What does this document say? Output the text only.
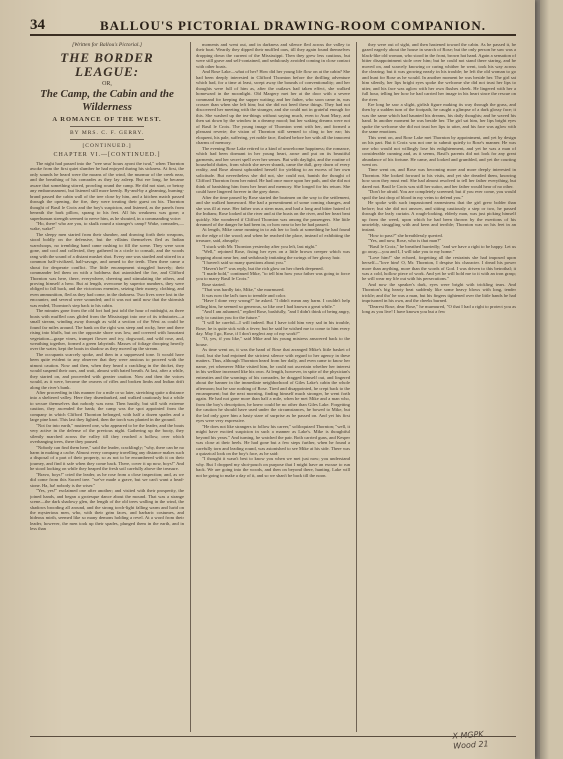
34	BALLOU'S PICTORIAL DRAWING-ROOM COMPANION.
[Written for Ballou's Pictorial.]
THE BORDER LEAGUE:
OR,
The Camp, the Cabin and the Wilderness
A ROMANCE OF THE WEST.
BY MRS. C. F. GERRY.
[CONTINUED.]
CHAPTER VI.—[CONTINUED.]

The night had passed into the "wee sma' hours ayont the twal," when Thornton awoke from the first quiet slumber he had enjoyed during his sickness. At first, the only sounds he heard were the moans of the wind, the murmur of the creek near, and the breathing of his comrades as they lay asleep. But ere long, he became aware that something stirred, prowling round the camp. He did not start, or betray any embarrassment, but listened still more keenly. By-and-by a gleaming, burning-brand passed the cabin wall of the tree close by him, and a kitchen match passed through the opening, the fire, they were treating their guest on bis. Thornton thought of Basil le Croix and the boy's suspicion, and listened, as the panels from beneath the bark pillow, sprang to his feet. All his weakness was gone; a superhuman strength seemed to nerve him, as he shouted, in a commanding voice:

"Ho, there! who are you, to skulk round a stranger's camp? Wake, comrades,—wake, wake!"

The sleepy men started from their slumber, and drawing forth their weapons, stood boldly on the defensive, but the villains themselves fled as Indian warwhoops, no trembling band came rushing to fill the scene. They were soon gone, and cool and collected, they gathered in a circle to consult, and the woods rang with the sound of a distant musket shot. Every one was startled and stirred in a common half-civilized, half-savage, and armed to the teeth. Then there came a shout for desperate conflict. The little encampment struggled bravely; their commander led them on with a boldness that astonished the foe, and Clifford Thornton was here, there, everywhere, cheering and stimulating the others, and proving himself a hero. But at length, overcome by superior numbers, they were obliged to fall back, and the victorious enemies, seizing their money, clothing, and even ammunition, fled as they had come, in the darkness. Two lives were lost in the encounter, and several were wounded; and it was not until now that the skirmish was ended, Thornton's step back to his cabin.

The minutes gone from the old fort had just told the hour of midnight, as three boats with muffled oars glided from the Mississippi into one of its tributaries—a small stream, winding away through as wild a section of the West as could be found far miles around. The bank on the right was steep and rocky, here and there rising into bluffs, but on the opposite shore was low, and covered with luxuriant vegetation—grape vines, trumpet flower and ivy, dogwood, and wild rose, and, wreathing together, formed a green labyrinth. Masses of foliage drooping heavily over the water, kept the boats in shadow as they moved up the stream.

The occupants scarcely spoke, and then in a suppressed tone. It would have been quite evident to any observer that they were anxious to proceed with the utmost caution. Now and then, when they heard a crackling in the thicket, they would suspend their oars, and wait, almost with bated breath. At last, after a while, they started on, and proceeded with greater caution. Now and then the voices would, as it were, become the owners of rifles and broken limbs and Indian drift along the river's bank.

After proceeding in this manner for a mile or so later, stretching quite a distance into a sheltered valley. Here they disembarked, and walked cautiously but a while to secure themselves that nobody was near. Then hastily, but still with extreme caution, they ascended the bank; the camp was the spot appointed from the company in which Clifford Thornton belonged, with half a dozen spades and a large pine knot. This last they lighted, then the torch was planted in the ground.

"Not far into earth," muttered one, who appeared to be the leader, and the boats very active in the defense of the previous night. Gathering up the booty, they silently marched across the valley till they reached a hollow, over which overhanging trees, there they paused.

"Nobody can find them here," said the leader, cracklingly; "why, there can be no harm in making a cache. Almost every company travelling any distance makes such a disposal of a part of their property, so as not to be encumbered with it on their journey, and find it safe when they come back. There, cover it up now, boys!" And he stood looking on while they heaped the fresh soil carefully above the treasure.

"Bravo, boys!" cried the leader, as he rose from a close inspection; and, as we did come from this Sacred tree. "we've made a grave, but we can't want a head-stone. Ha, ha! nobody is the wiser."

"Yes, yes!" exclaimed one after another; and visited with their prosperity, the joined hands, and began a grotesque dance about the mound. That was a strange scene—the dark shadowy glen, the length of the old trees walling in the wind, the shadows brooding all around, and the strong torch-light falling warm and lurid on the mysterious men, who, with their grim faces, and barbaric costumes, and hideous mirth, seemed like so many demons holding a revel. At a word from their leader, however, the men took up their spades, plunged them in the earth, and in less than

moments and went out, and in darkness and silence fled across the valley to their boat. Wearily they dipped their muffled oars, till they again found themselves dropping down the current of the Mississippi. Then they grew less cautious, but were still grave and self-contained, and sedulously avoided coming in close contact with other boats.

And Rose Lake—what of her? How did her young life flow on at the cabin? She had been deeply interested in Clifford Thornton before the thrilling adventure which had, for a time at least, swept away the bounds of conventionality; and her thoughts were full of him as, after the outlaws had taken effect, she walked homeward in the moonlight. Old Margery met her at the door with a severe command for keeping the supper waiting; and her father, who soon came in, was crosser than when she left him; but she did not heed these things. They had not discovered her meeting with the stranger, and she could not in grateful enough for this. She washed up the tea-things without saying much, even to Aunt Mary, and then sat down by the window in a dreamy mood; but her waking dreams were not of Basil le Croix. The young image of Thornton went with her, and formed a pleasant reverie; the vision of Thornton still seemed to cling to her ear; his eloquent, his pale, suffering, yet noble face, flashed before her with all the innocent charms of memory.

The evening Rose Lake retired to a kind of unwelcome happiness; the romance, which had been dormant in her young heart, arose and put on its beautiful garments, and her secret spell over her senses. But with daylight, and the routine of household duties, from which she never shrank, came the dull, grey dawn of every reality, and Rose almost upbraided herself for yielding to an excess of her own solicitude. But nevertheless she did not, she could not, banish the thought of Clifford Thornton from her mind. He had once more upon her path, and she did not think of banishing him from her heart and memory. She longed for his return. She could have lingered forever in the grey dawn.

After the time passed by Rose started the boatmen on the way to the settlement, and she walked homeward. She had a presentiment of some coming changes, and she was ill at ease. Her father was a stern man, and had a long and bitter hatred of the Indians; Rose looked at the river and at the boats on the river, and her heart beat quickly. She wondered if Clifford Thornton was among the passengers. She little dreamed of the danger he had been in, or how near to her he had passed.

At length, Mike came running in to ask her to look at something he had found on the edge of the wood; and when he reached the place, instead of exhibiting the treasure, said, abruptly:

"I stuck with Mr. Thornton yesterday after you left, last night."

"Well," rejoined Rose, fixing her eyes on a little brown creeper which was hopping about near her, and sedulously imitating the swings of her glossy hair.

"I haven't said so many questions about you."

"Haven't he?" was reply, but the rich glow on her cheek deepened.

"I made bold," continued Mike, "to tell him how your father was going to force you to marry Basil le Croix."

Rose started.

"That was hardly fair, Mike," she murmured.

It was now the lad's turn to tremble and color.

"Have I done very wrong?" he asked. "I didn't mean any harm. I couldn't help telling him, he seemed so generous, so like one I had known a great while."

"And I am ashamed," replied Rose, bashfully, "and I didn't think of being angry, only to caution you for the future."

"I will be careful—I will indeed. But I have told him very sad in his trouble, Rose; he is quite sick with a fever; but he said he wished me to come to him every day. May I go, Rose, if I don't neglect any of my work?"

"O, yes, if you like," said Mike and his young mistress answered back to the house.

As time went on, it was the hand of Rose that arranged Mike's little basket of food, but she had enjoined the strictest silence with regard to her agency in these matters. Thus, although Thornton heard from her daily, and even came to know her name, yet whenever Mike visited him, he could not ascertain whether her interest in his welfare increased like his own. At length, however, in spite of the physician's entreaties and the warnings of his comrades, he dragged himself out, and lingered about the banner in the immediate neighborhood of Giles Lake's cabin the whole afternoon; but he saw nothing of Rose. Tired and disappointed, he crept back to the encampment; but the next morning, finding himself much stronger, he went forth again. He had not gone more than half a mile, when he met Mike and a man who, from the boy's description, he knew could be no other than Giles Lake. Forgetting the caution he should have used under the circumstances, he bowed to Mike, but the lad only gave him a hasty stare of surprise as he passed on. And yet his first eyes were very expressive.

"He does not like strangers to follow his career," soliloquized Thornton; "well, it might have excited suspicion in such a manner as Lake's. Mike is thoughtful beyond his years." And turning, he watched the pair. Both carried guns, and Kesper was close at their heels. He had gone but a few steps further, when he found a carefully torn and leading round, was astonished to see Mike at his side. There was a quizzical look on the boy's face, as he said:

"I thought it wasn't best to know you when we met just now; you understand why. But I dropped my shot-pouch on purpose that I might have an excuse to run back. We are going into the woods, and then on beyond there, hunting. Lake will not be going to make a day of it, and so we shan't be back till the noon.

they were out of sight, and then hastened toward the cabin. As he passed it, he gazed eagerly about the house in search of Rose; but the only person he saw was a black-like old woman, who stood in the front, brown hat hand. Again a sensation of bitter disappointment stole over him; but he could not stand there staring, and he moved on, and scarcely knowing or caring whither he went, took his way across the clearing; but it was growing nearly in his trouble; he left the old woman to go and hunt for Rose as he would. In another moment he was beside her. The girl sat him silently, her lips bright eyes spoke the welcome she did not trust her lips to utter, and his face was aglow with her own flushes cheek. He lingered with her a full hour, telling her how he had carried her image in his heart since the rescue on the river.

Ere long he saw a slight, girlish figure making its way through the grass, and then by a sudden turn of the footpath, he caught a glimpse of a dark glossy face; it was the same which had haunted his dreams, his daily thoughts; and he waved his hand. In another moment he was beside her. The girl sat him, her lips bright eyes spoke the welcome she did not trust her lips to utter, and his face was aglow with the same emotions.

This went on, and Rose Lake met Thornton by appointment, and yet by design on his part. But it Croix was not one to submit quietly to Rose's manner. He was one who would not willingly lose his enlightenment, and yet he was a man of considerable cunning and, as it seems, Basil's parents did not look for any great abundance of his fortune. He came, and looked and grumbled, and yet the courting went on.

Time went on, and Rose was becoming more and more deeply interested in Thornton. She looked forward to his visits, and yet she dreaded them, knowing how soon they must end. She had almost resolved to tell her father everything, but dared not. Basil le Croix was still her suitor, and her father would hear of no other.

"Don't be afraid. You are completely screened; but if you ever come, you would spoil the last drop of blood in my veins to defend you."

He spoke with such impassioned earnestness that the girl grew bolder than before; but she did not answer, and sitting cautiously a step or two, he passed through the leafy curtain. A rough-looking, elderly man, was just picking himself up from the weed, upon which he had been thrown by the exertions of his unwieldy, struggling with and keen and terrible; Thornton was on his feet in an instant.

"How to pass?" she breathlessly queried.

"Yes, and now, Rose, who is that man?"

"Basil le Croix," he breathed hurriedly; "and we have a right to be happy. Let us go away—you and I, I will take you to my home."

"Love him!" she echoed, forgetting all the restraints she had imposed upon herself—"love him! O, Mr. Thornton, I despise his character. I dread his power more than anything, more than the words of God. I was driven to this betrothal; it was a cold, hollow piece of work. And yet he will hold me to it with an iron grasp; he will wear my life out with his persecutions."

And now the speaker's dark, eyes were bright with trickling tears. And Thornton's big hearty beat suddenly like some heavy blows with long, tender trickle; and tho' he was a man, but his fingers tightened over the little hands he had imprisoned in his own, and the cheeks burned.

"Dearest Rose, dear Rose," he murmured, "O that I had a right to protect you as long as you live! I have known you but a few

X MGPK
Wood 21
